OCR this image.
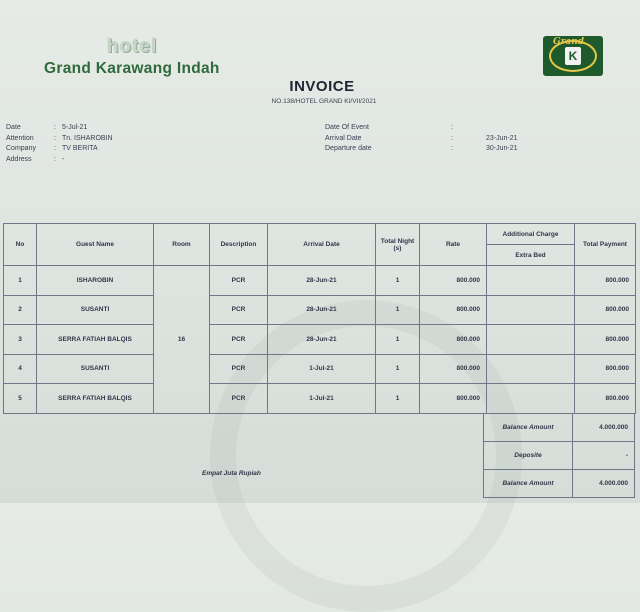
hotel
Grand Karawang Indah
Grand
K
INVOICE
NO.138/HOTEL GRAND KI/VII/2021
Date	: 5-Jul-21
Attention	: Tn. ISHAROBIN
Company	: TV BERITA
Address	: -
Date Of Event	:
Arrival Date	:	23-Jun-21
Departure date	:	30-Jun-21
No	Guest Name	Room	Description	Arrival Date	Total Night (s)	Rate	Additional Charge	Total Payment
							Extra Bed	
1	ISHAROBIN	16	PCR	28-Jun-21	1	800.000		800.000
2	SUSANTI		PCR	28-Jun-21	1	800.000		800.000
3	SERRA FATIAH BALQIS		PCR	28-Jun-21	1	800.000		800.000
4	SUSANTI		PCR	1-Jul-21	1	800.000		800.000
5	SERRA FATIAH BALQIS		PCR	1-Jul-21	1	800.000		800.000
Balance Amount	4.000.000
Deposite	-
Balance Amount	4.000.000
Empat Juta Rupiah
